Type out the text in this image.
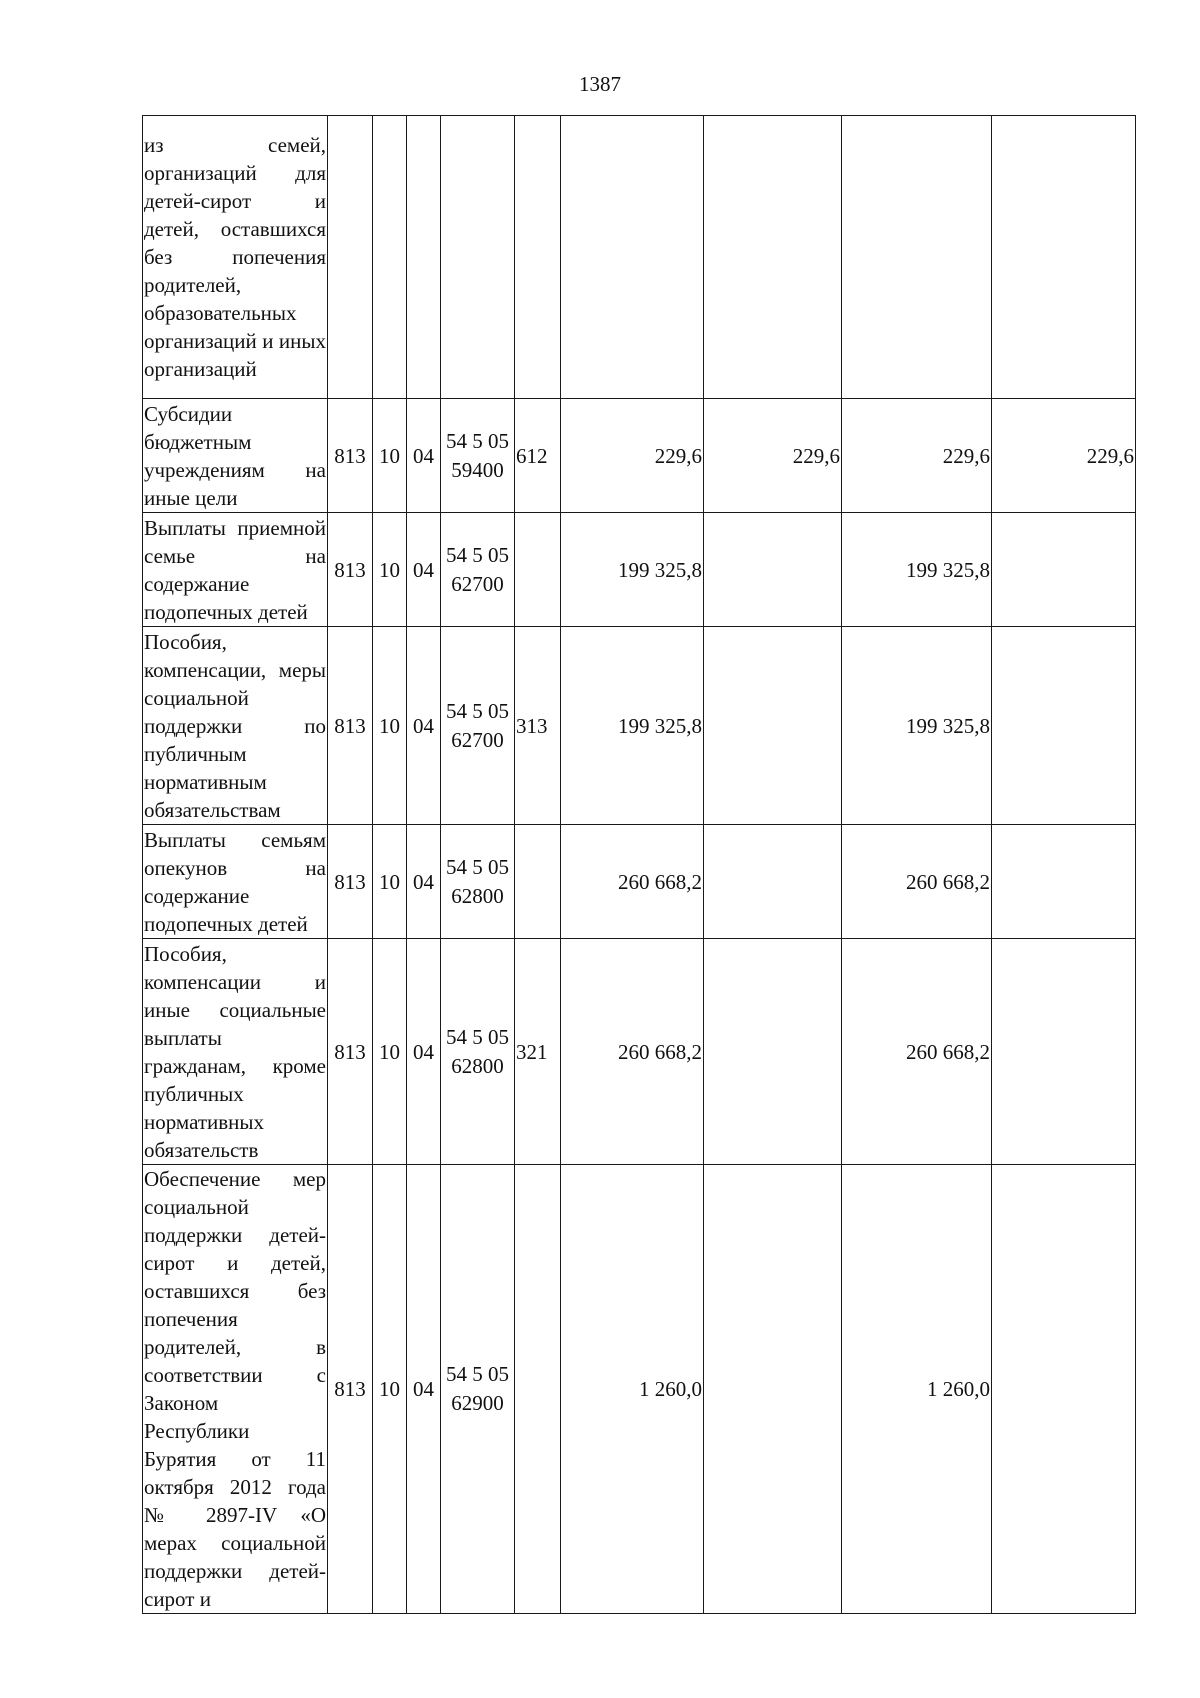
1387
из семей, организаций для детей-сирот и детей, оставшихся без попечения родителей, образовательных организаций и иных организаций									
Субсидии бюджетным учреждениям на иные цели	813	10	04	54 5 05 59400	612	229,6	229,6	229,6	229,6
Выплаты приемной семье на содержание подопечных детей	813	10	04	54 5 05 62700		199 325,8		199 325,8	
Пособия, компенсации, меры социальной поддержки по публичным нормативным обязательствам	813	10	04	54 5 05 62700	313	199 325,8		199 325,8	
Выплаты семьям опекунов на содержание подопечных детей	813	10	04	54 5 05 62800		260 668,2		260 668,2	
Пособия, компенсации и иные социальные выплаты гражданам, кроме публичных нормативных обязательств	813	10	04	54 5 05 62800	321	260 668,2		260 668,2	
Обеспечение мер социальной поддержки детей-сирот и детей, оставшихся без попечения родителей, в соответствии с Законом Республики Бурятия от 11 октября 2012 года № 2897-IV «О мерах социальной поддержки детей-сирот и	813	10	04	54 5 05 62900		1 260,0		1 260,0	
